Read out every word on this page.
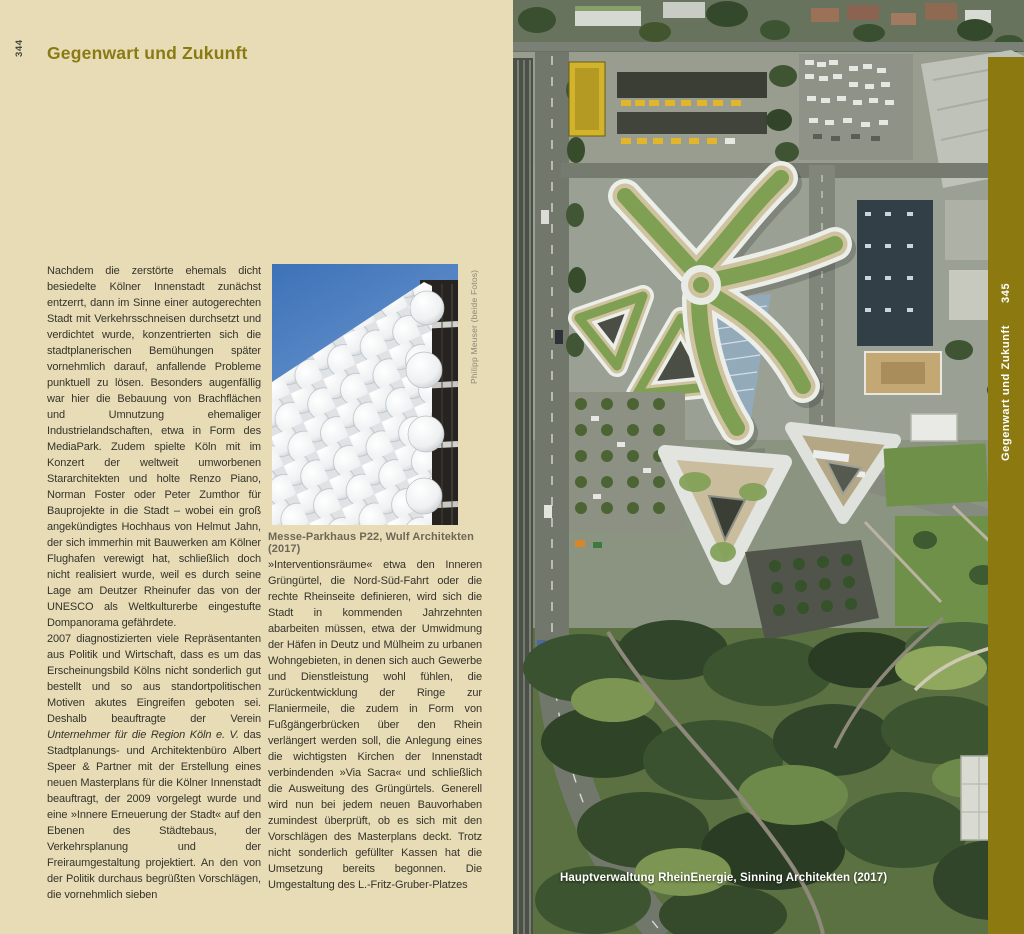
344 Gegenwart und Zukunft
Nachdem die zerstörte ehemals dicht besiedelte Kölner Innenstadt zunächst entzerrt, dann im Sinne einer autogerechten Stadt mit Verkehrsschneisen durchsetzt und verdichtet wurde, konzentrierten sich die stadtplanerischen Bemühungen später vornehmlich darauf, anfallende Probleme punktuell zu lösen. Besonders augenfällig war hier die Bebauung von Brachflächen und Umnutzung ehemaliger Industrielandschaften, etwa in Form des MediaPark. Zudem spielte Köln mit im Konzert der weltweit umworbenen Stararchitekten und holte Renzo Piano, Norman Foster oder Peter Zumthor für Bauprojekte in die Stadt – wobei ein groß angekündigtes Hochhaus von Helmut Jahn, der sich immerhin mit Bauwerken am Kölner Flughafen verewigt hat, schließlich doch nicht realisiert wurde, weil es durch seine Lage am Deutzer Rheinufer das von der UNESCO als Weltkulturerbe eingestufte Dompanorama gefährdete.
2007 diagnostizierten viele Repräsentanten aus Politik und Wirtschaft, dass es um das Erscheinungsbild Kölns nicht sonderlich gut bestellt und so aus standortpolitischen Motiven akutes Eingreifen geboten sei. Deshalb beauftragte der Verein Unternehmer für die Region Köln e. V. das Stadtplanungs- und Architektenbüro Albert Speer & Partner mit der Erstellung eines neuen Masterplans für die Kölner Innenstadt beauftragt, der 2009 vorgelegt wurde und eine »Innere Erneuerung der Stadt« auf den Ebenen des Städtebaus, der Verkehrsplanung und der Freiraumgestaltung projektiert. An den von der Politik durchaus begrüßten Vorschlägen, die vornehmlich sieben
Philipp Meuser (beide Fotos)
Messe-Parkhaus P22, Wulf Architekten (2017)
»Interventionsräume« etwa den Inneren Grüngürtel, die Nord-Süd-Fahrt oder die rechte Rheinseite definieren, wird sich die Stadt in kommenden Jahrzehnten abarbeiten müssen, etwa der Umwidmung der Häfen in Deutz und Mülheim zu urbanen Wohngebieten, in denen sich auch Gewerbe und Dienstleistung wohl fühlen, die Zurückentwicklung der Ringe zur Flaniermeile, die zudem in Form von Fußgängerbrücken über den Rhein verlängert werden soll, die Anlegung eines die wichtigsten Kirchen der Innenstadt verbindenden »Via Sacra« und schließlich die Ausweitung des Grüngürtels. Generell wird nun bei jedem neuen Bauvorhaben zumindest überprüft, ob es sich mit den Vorschlägen des Masterplans deckt. Trotz nicht sonderlich gefüllter Kassen hat die Umsetzung bereits begonnen. Die Umgestaltung des L.-Fritz-Gruber-Platzes
Hauptverwaltung RheinEnergie, Sinning Architekten (2017)
Gegenwart und Zukunft345
